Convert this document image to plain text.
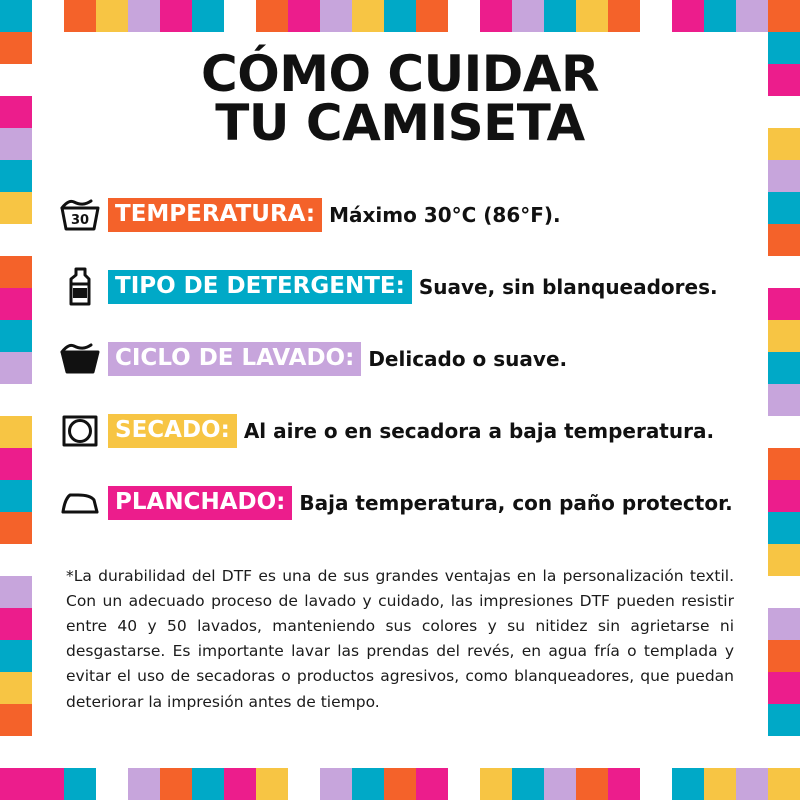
CÓMO CUIDAR
TU CAMISETA
30	TEMPERATURA: Máximo 30°C (86°F).
TIPO DE DETERGENTE: Suave, sin blanqueadores.
CICLO DE LAVADO: Delicado o suave.
SECADO: Al aire o en secadora a baja temperatura.
PLANCHADO: Baja temperatura, con paño protector.
*La durabilidad del DTF es una de sus grandes ventajas en la personalización textil. Con un adecuado proceso de lavado y cuidado, las impresiones DTF pueden resistir entre 40 y 50 lavados, manteniendo sus colores y su nitidez sin agrietarse ni desgastarse. Es importante lavar las prendas del revés, en agua fría o templada y evitar el uso de secadoras o productos agresivos, como blanqueadores, que puedan deteriorar la impresión antes de tiempo.
